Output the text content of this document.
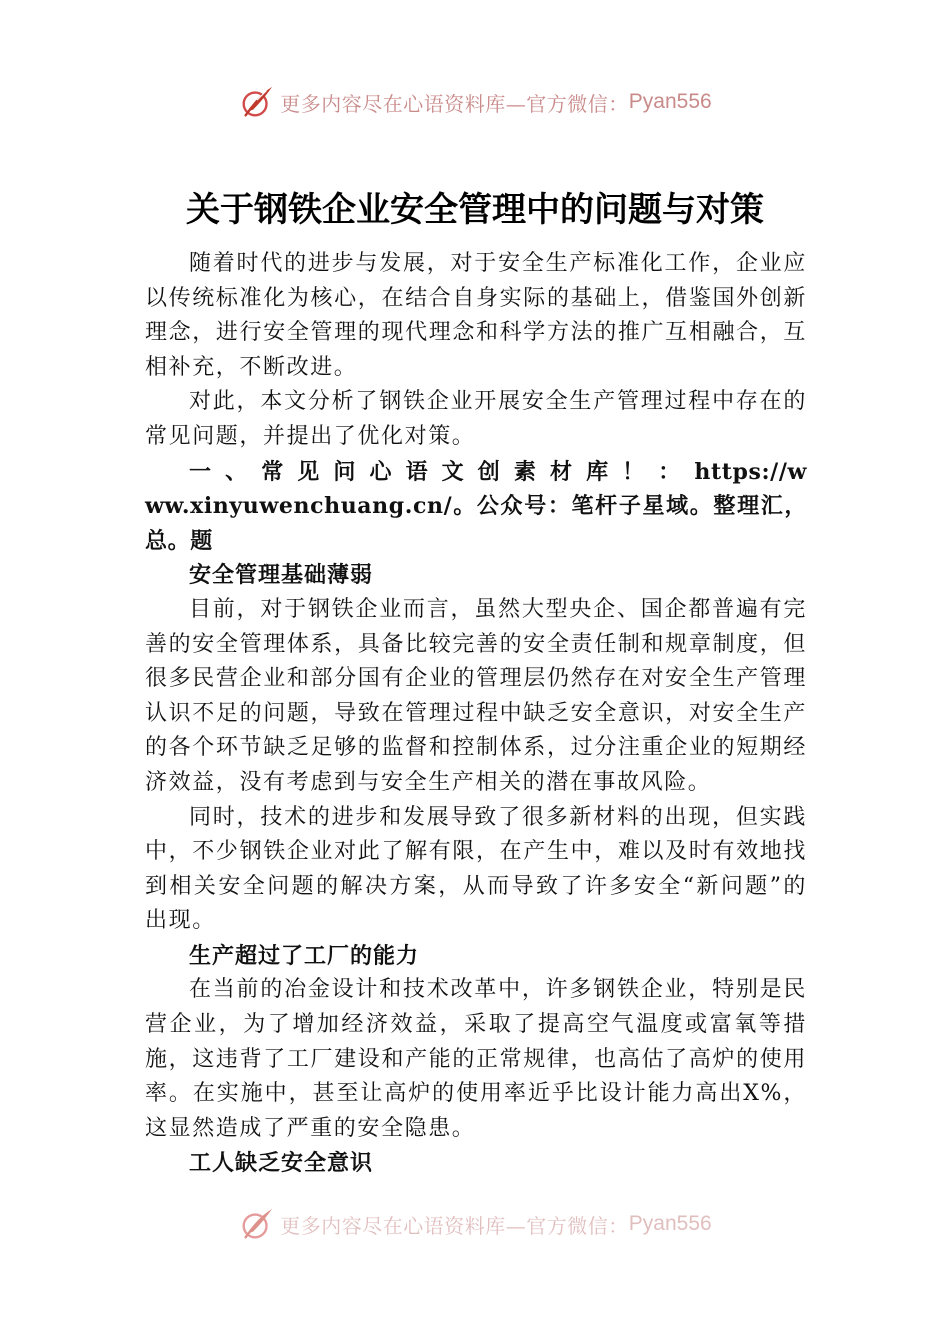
更多内容尽在心语资料库—官方微信： Pyan556
关于钢铁企业安全管理中的问题与对策

随着时代的进步与发展，对于安全生产标准化工作，企业应以传统标准化为核心，在结合自身实际的基础上，借鉴国外创新理念，进行安全管理的现代理念和科学方法的推广互相融合，互相补充，不断改进。

对此，本文分析了钢铁企业开展安全生产管理过程中存在的常见问题，并提出了优化对策。

一、常见问心语文创素材库！：https://www.xinyuwenchuang.cn/。公众号：笔杆子星域。整理汇，总。题

安全管理基础薄弱

目前，对于钢铁企业而言，虽然大型央企、国企都普遍有完善的安全管理体系，具备比较完善的安全责任制和规章制度，但很多民营企业和部分国有企业的管理层仍然存在对安全生产管理认识不足的问题，导致在管理过程中缺乏安全意识，对安全生产的各个环节缺乏足够的监督和控制体系，过分注重企业的短期经济效益，没有考虑到与安全生产相关的潜在事故风险。

同时，技术的进步和发展导致了很多新材料的出现，但实践中，不少钢铁企业对此了解有限，在产生中，难以及时有效地找到相关安全问题的解决方案，从而导致了许多安全“新问题”的出现。

生产超过了工厂的能力

在当前的冶金设计和技术改革中，许多钢铁企业，特别是民营企业，为了增加经济效益，采取了提高空气温度或富氧等措施，这违背了工厂建设和产能的正常规律，也高估了高炉的使用率。在实施中，甚至让高炉的使用率近乎比设计能力高出X%，这显然造成了严重的安全隐患。

工人缺乏安全意识

更多内容尽在心语资料库—官方微信： Pyan556
